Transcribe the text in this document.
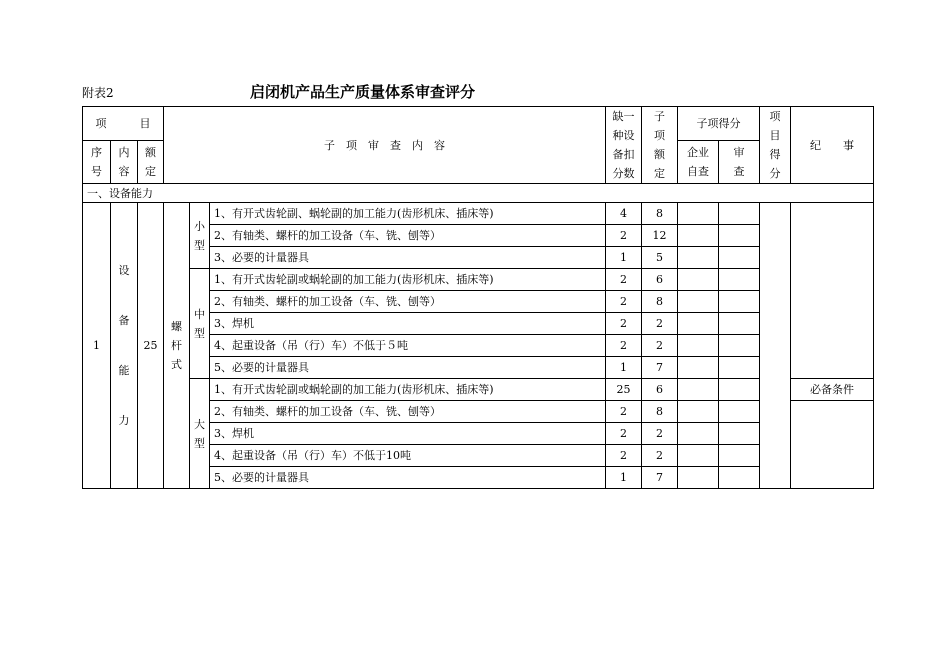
附表2	启闭机产品生产质量体系审查评分
项　　　目			子　项　审　查　内　容			缺一种设备扣分数	子项额定	子项得分		项目得分	纪　　事

序号	内容	额定						企业自查	审查		

一、设备能力											
1	设备能力	25	螺杆式	小型	1、有开式齿轮副、蜗轮副的加工能力(齿形机床、插床等)	4	8				
					2、有轴类、螺杆的加工设备（车、铣、刨等）	2	12				
					3、必要的计量器具	1	5				
				中型	1、有开式齿轮副或蜗轮副的加工能力(齿形机床、插床等)	2	6				
					2、有轴类、螺杆的加工设备（车、铣、刨等）	2	8				
					3、焊机	2	2				
					4、起重设备（吊（行）车）不低于５吨	2	2				
					5、必要的计量器具	1	7				
				大型	1、有开式齿轮副或蜗轮副的加工能力(齿形机床、插床等)	25	6				必备条件
					2、有轴类、螺杆的加工设备（车、铣、刨等）	2	8				
					3、焊机	2	2				
					4、起重设备（吊（行）车）不低于10吨	2	2				
					5、必要的计量器具	1	7				
